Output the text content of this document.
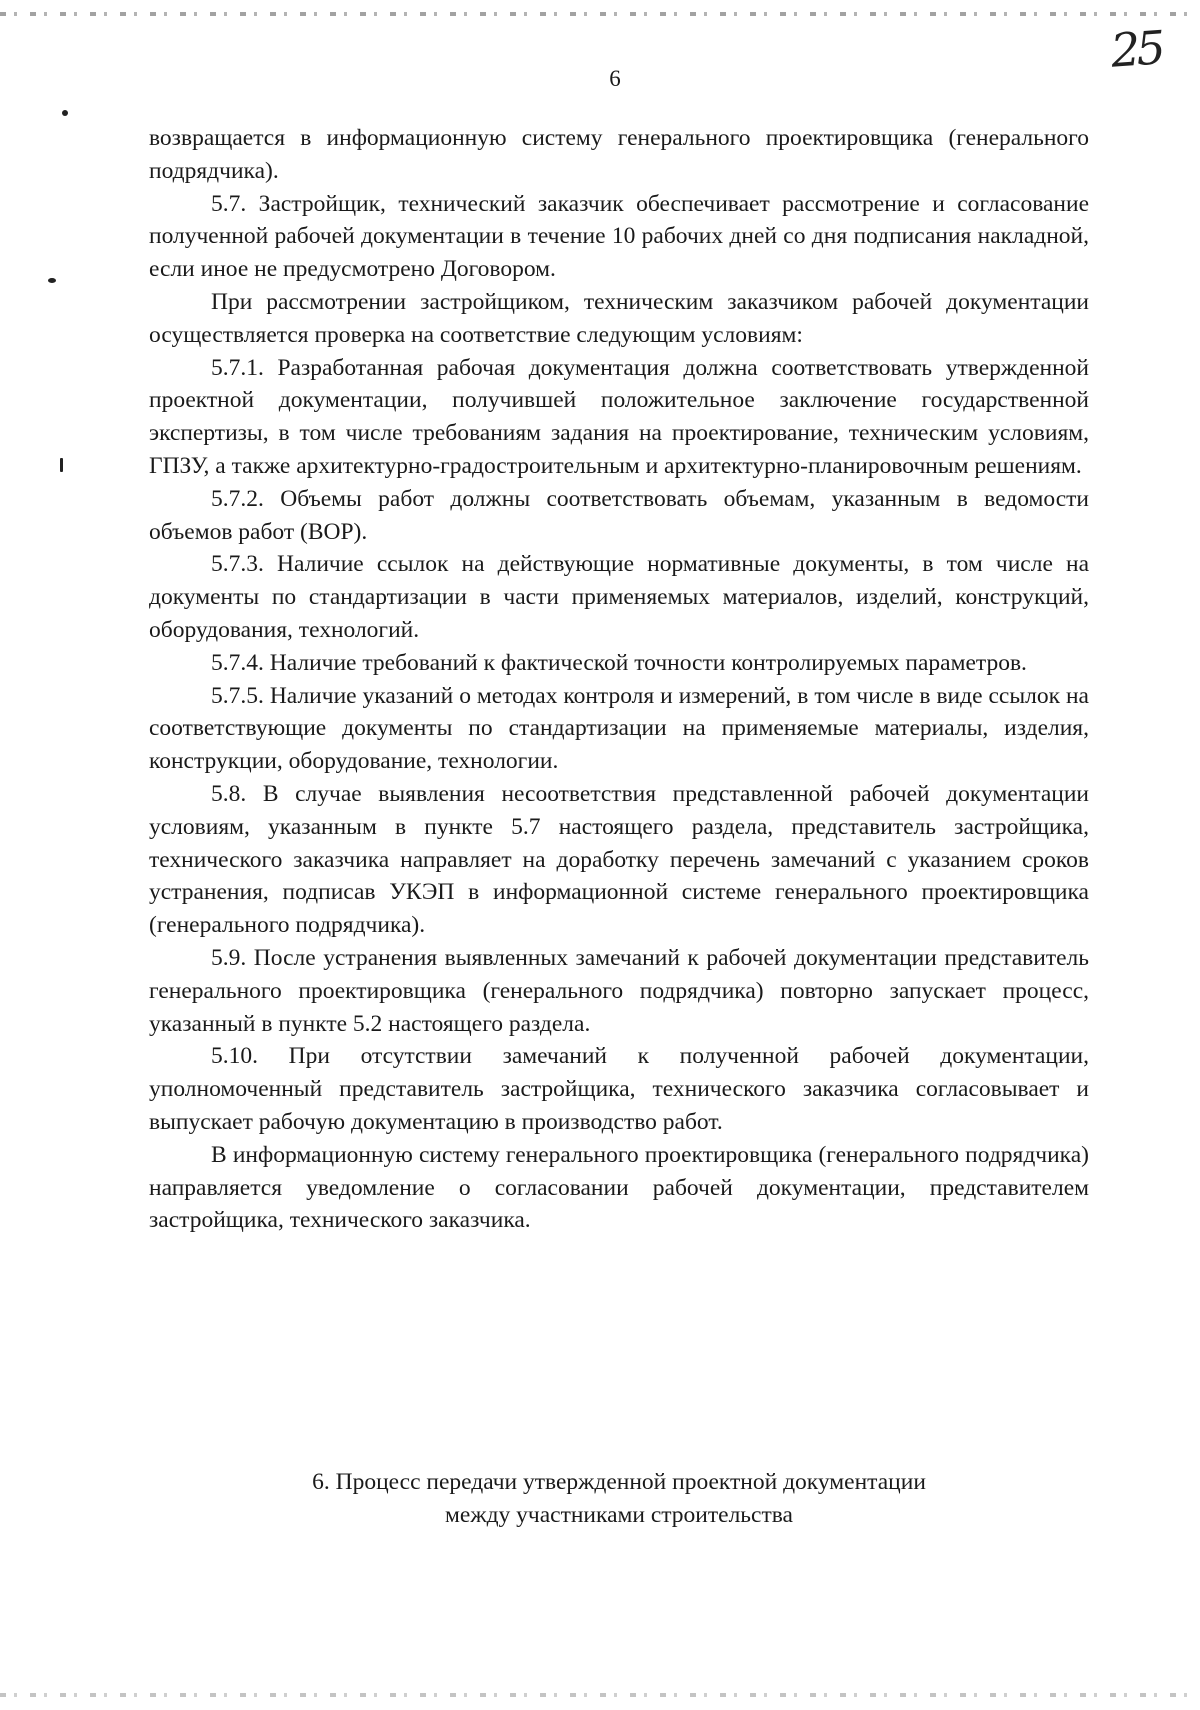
25
6

возвращается в информационную систему генерального проектировщика (генерального подрядчика).

5.7. Застройщик, технический заказчик обеспечивает рассмотрение и согласование полученной рабочей документации в течение 10 рабочих дней со дня подписания накладной, если иное не предусмотрено Договором.

При рассмотрении застройщиком, техническим заказчиком рабочей документации осуществляется проверка на соответствие следующим условиям:

5.7.1. Разработанная рабочая документация должна соответствовать утвержденной проектной документации, получившей положительное заключение государственной экспертизы, в том числе требованиям задания на проектирование, техническим условиям, ГПЗУ, а также архитектурно-градостроительным и архитектурно-планировочным решениям.

5.7.2. Объемы работ должны соответствовать объемам, указанным в ведомости объемов работ (ВОР).

5.7.3. Наличие ссылок на действующие нормативные документы, в том числе на документы по стандартизации в части применяемых материалов, изделий, конструкций, оборудования, технологий.

5.7.4. Наличие требований к фактической точности контролируемых параметров.

5.7.5. Наличие указаний о методах контроля и измерений, в том числе в виде ссылок на соответствующие документы по стандартизации на применяемые материалы, изделия, конструкции, оборудование, технологии.

5.8. В случае выявления несоответствия представленной рабочей документации условиям, указанным в пункте 5.7 настоящего раздела, представитель застройщика, технического заказчика направляет на доработку перечень замечаний с указанием сроков устранения, подписав УКЭП в информационной системе генерального проектировщика (генерального подрядчика).

5.9. После устранения выявленных замечаний к рабочей документации представитель генерального проектировщика (генерального подрядчика) повторно запускает процесс, указанный в пункте 5.2 настоящего раздела.

5.10. При отсутствии замечаний к полученной рабочей документации, уполномоченный представитель застройщика, технического заказчика согласовывает и выпускает рабочую документацию в производство работ.

В информационную систему генерального проектировщика (генерального подрядчика) направляется уведомление о согласовании рабочей документации, представителем застройщика, технического заказчика.

6. Процесс передачи утвержденной проектной документации
между участниками строительства
